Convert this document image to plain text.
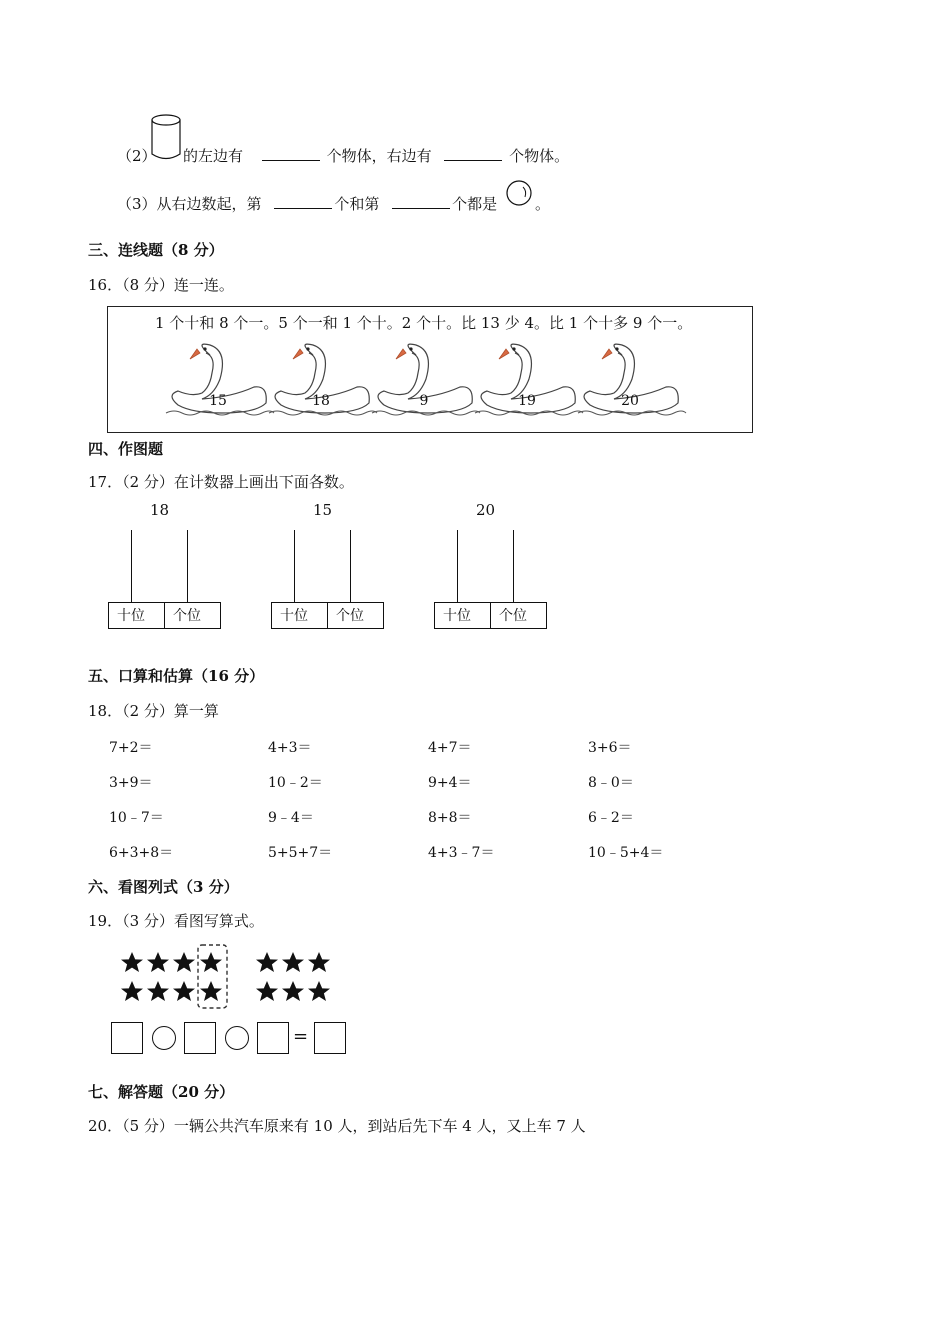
（2） 的左边有	个物体，右边有	个物体。
（3）从右边数起，第	个和第	个都是	。
三、连线题（8 分）
16．（8 分）连一连。
1 个十和 8 个一。5 个一和 1 个十。2 个十。比 13 少 4。比 1 个十多 9 个一。
15	18	9	19	20
四、作图题
17．（2 分）在计数器上画出下面各数。
18
十位 个位
15
十位 个位
20
十位 个位
五、口算和估算（16 分）
18．（2 分）算一算
7+2＝	4+3＝	4+7＝	3+6＝
3+9＝	10﹣2＝	9+4＝	8﹣0＝
10﹣7＝	9﹣4＝	8+8＝	6﹣2＝
6+3+8＝	5+5+7＝	4+3﹣7＝	10﹣5+4＝
六、看图列式（3 分）
19．（3 分）看图写算式。
=
七、解答题（20 分）
20．（5 分）一辆公共汽车原来有 10 人，到站后先下车 4 人，又上车 7 人
